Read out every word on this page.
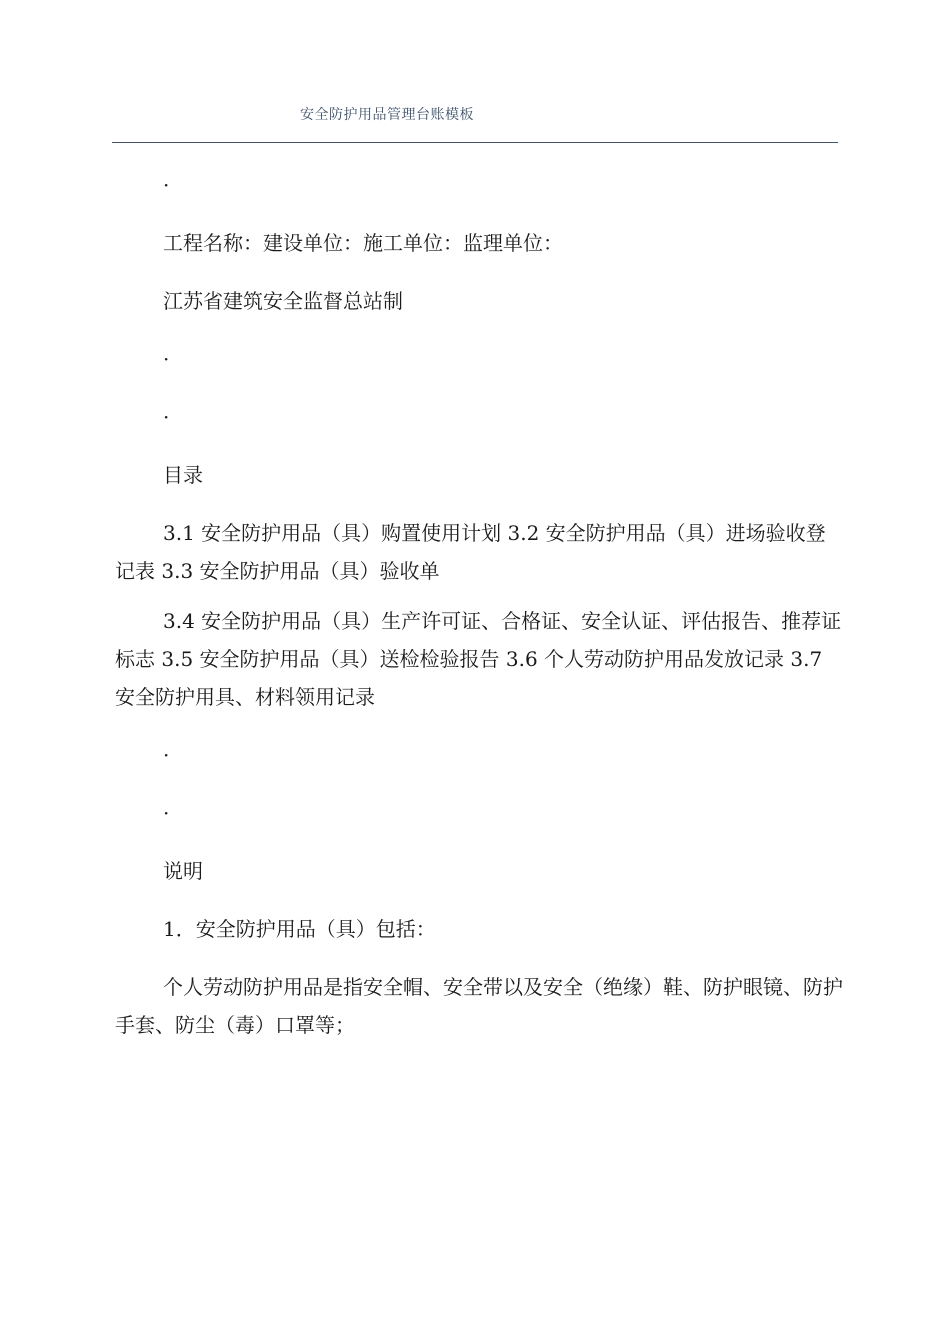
安全防护用品管理台账模板

·

工程名称：建设单位：施工单位：监理单位：

江苏省建筑安全监督总站制

·

·

目录

3.1 安全防护用品（具）购置使用计划 3.2 安全防护用品（具）进场验收登记表 3.3 安全防护用品（具）验收单

3.4 安全防护用品（具）生产许可证、合格证、安全认证、评估报告、推荐证标志 3.5 安全防护用品（具）送检检验报告 3.6 个人劳动防护用品发放记录 3.7 安全防护用具、材料领用记录

·

·

说明

1．安全防护用品（具）包括：

个人劳动防护用品是指安全帽、安全带以及安全（绝缘）鞋、防护眼镜、防护手套、防尘（毒）口罩等；
